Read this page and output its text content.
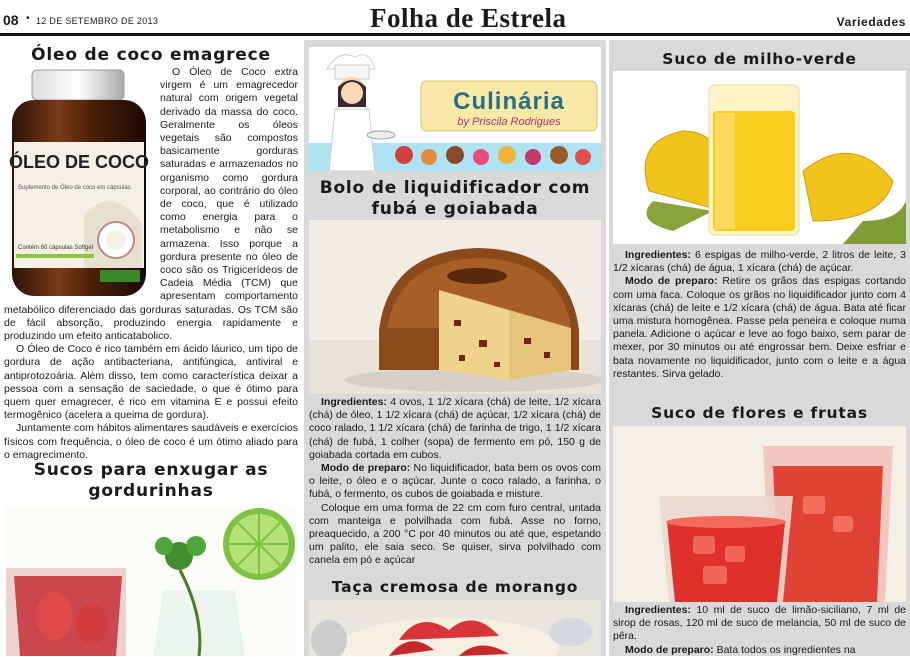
08 • 12 DE SETEMBRO DE 2013	Folha de Estrela	Variedades
Óleo de coco emagrece
ÓLEO DE COCO
Suplemento de Óleo de coco em cápsulas
Contém 60 cápsulas Softgel

O Óleo de Coco extra virgem é um emagrecedor natural com origem vegetal derivado da massa do coco. Geralmente os óleos vegetais são compostos basicamente gorduras saturadas e armazenados no organismo como gordura corporal, ao contrário do óleo de coco, que é utilizado como energia para o metabolismo e não se armazena. Isso porque a gordura presente no óleo de coco são os Trigicerídeos de Cadeia Média (TCM) que apresentam comportamento metabólico diferenciado das gorduras saturadas. Os TCM são de fácil absorção, produzindo energia rapidamente e produzindo um efeito anticatabolico.

O Óleo de Coco é rico também em ácido láurico, um tipo de gordura de ação antibacteriana, antifúngica, antiviral e antiprotozoária. Além disso, tem como característica deixar a pessoa com a sensação de saciedade, o que é ótimo para quem quer emagrecer, é rico em vitamina E e possui efeito termogênico (acelera a queima de gordura).

Juntamente com hábitos alimentares saudáveis e exercícios físicos com frequência, o óleo de coco é um ótimo aliado para o emagrecimento.

Sucos para enxugar as gordurinhas
Culinária
by Priscila Rodrigues
Bolo de liquidificador com fubá e goiabada

Ingredientes: 4 ovos, 1 1/2 xícara (chá) de leite, 1/2 xícara (chá) de óleo, 1 1/2 xícara (chá) de açúcar, 1/2 xícara (chá) de coco ralado, 1 1/2 xícara (chá) de farinha de trigo, 1 1/2 xícara (chá) de fubá, 1 colher (sopa) de fermento em pó, 150 g de goiabada cortada em cubos.

Modo de preparo: No liquidificador, bata bem os ovos com o leite, o óleo e o açúcar. Junte o coco ralado, a farinha, o fubá, o fermento, os cubos de goiabada e misture.

Coloque em uma forma de 22 cm com furo central, untada com manteiga e polvilhada com fubá. Asse no forno, preaquecido, a 200 °C por 40 minutos ou até que, espetando um palito, ele saia seco. Se quiser, sirva polvilhado com canela em pó e açúcar

Taça cremosa de morango
Suco de milho-verde

Ingredientes: 6 espigas de milho-verde, 2 litros de leite, 3 1/2 xícaras (chá) de água, 1 xícara (chá) de açúcar.

Modo de preparo: Retire os grãos das espigas cortando com uma faca. Coloque os grãos no liquidificador junto com 4 xícaras (chá) de leite e 1/2 xícara (chá) de água. Bata até ficar uma mistura homogênea. Passe pela peneira e coloque numa panela. Adicione o açúcar e leve ao fogo baixo, sem parar de mexer, por 30 minutos ou até engrossar bem. Deixe esfriar e bata novamente no liquidificador, junto com o leite e a água restantes. Sirva gelado.

Suco de flores e frutas

Ingredientes: 10 ml de suco de limão-siciliano, 7 ml de sirop de rosas, 120 ml de suco de melancia, 50 ml de suco de pêra.

Modo de preparo: Bata todos os ingredientes na
